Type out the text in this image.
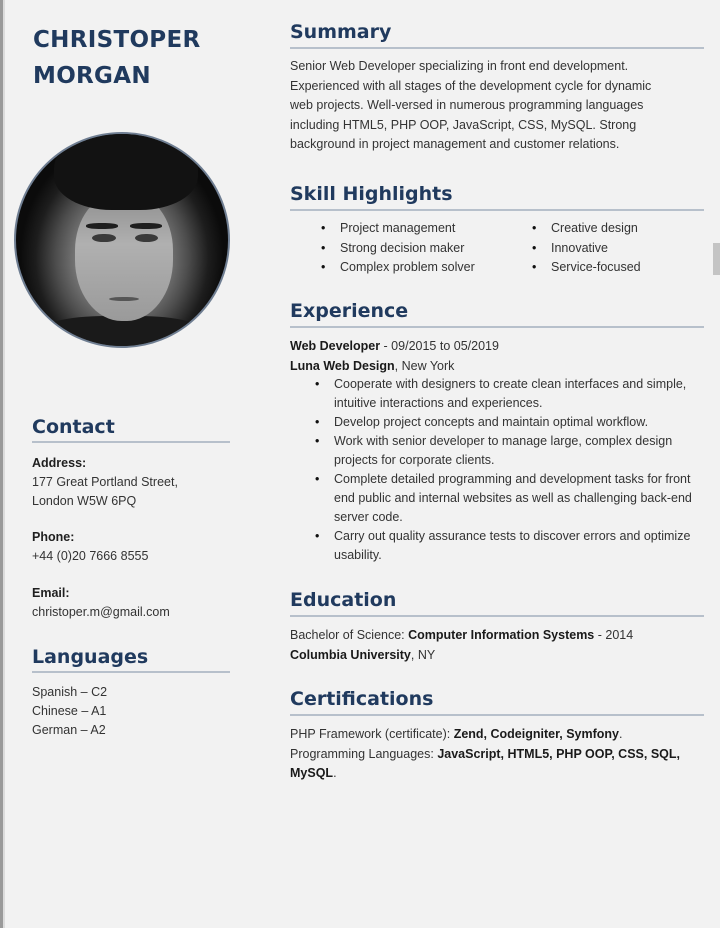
CHRISTOPER
MORGAN
Contact
Address:
177 Great Portland Street,
London W5W 6PQ
Phone:
+44 (0)20 7666 8555
Email:
christoper.m@gmail.com
Languages
Spanish – C2
Chinese – A1
German – A2
Summary
Senior Web Developer specializing in front end development.
Experienced with all stages of the development cycle for dynamic
web projects. Well-versed in numerous programming languages
including HTML5, PHP OOP, JavaScript, CSS, MySQL. Strong
background in project management and customer relations.
Skill Highlights
• Project management
• Strong decision maker
• Complex problem solver
• Creative design
• Innovative
• Service-focused
Experience
Web Developer - 09/2015 to 05/2019
Luna Web Design, New York
• Cooperate with designers to create clean interfaces and simple, intuitive interactions and experiences.
• Develop project concepts and maintain optimal workflow.
• Work with senior developer to manage large, complex design projects for corporate clients.
• Complete detailed programming and development tasks for front end public and internal websites as well as challenging back-end server code.
• Carry out quality assurance tests to discover errors and optimize usability.
Education
Bachelor of Science: Computer Information Systems - 2014
Columbia University, NY
Certifications
PHP Framework (certificate): Zend, Codeigniter, Symfony.
Programming Languages: JavaScript, HTML5, PHP OOP, CSS, SQL, MySQL.
